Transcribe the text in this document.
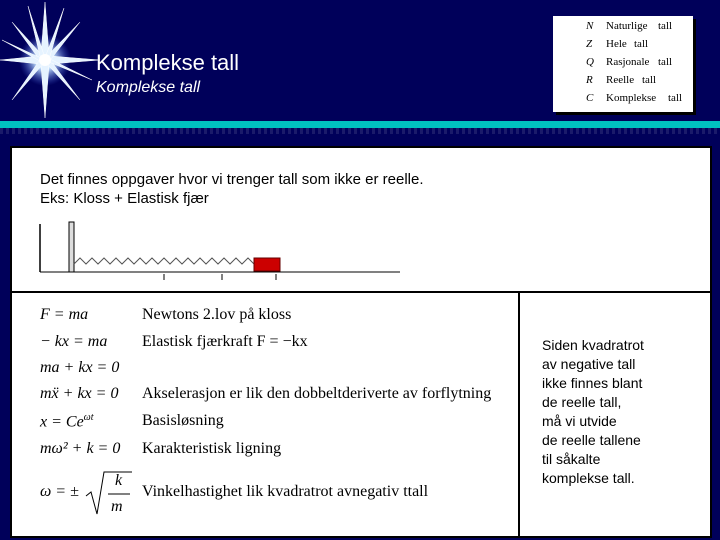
Komplekse tall
Komplekse tall
N Naturlige tall
Z Hele tall
Q Rasjonale tall
R Reelle tall
C Komplekse tall
Det finnes oppgaver hvor vi trenger tall som ikke er reelle.
Eks: Kloss + Elastisk fjær
F = ma	Newtons 2.lov på kloss
− kx = ma Elastisk fjærkraft F = −kx
ma + kx = 0
mẍ + kx = 0 Akselerasjon er lik den dobbeltderiverte av forflytning
$x = Ce^{\omega t}$	Basisløsning
mω² + k = 0 Karakteristisk ligning
ω = ±
k
m
Vinkelhastighet lik kvadratrot avnegativ ttall
Siden kvadratrot
av negative tall
ikke finnes blant
de reelle tall,
må vi utvide
de reelle tallene
til såkalte
komplekse tall.
